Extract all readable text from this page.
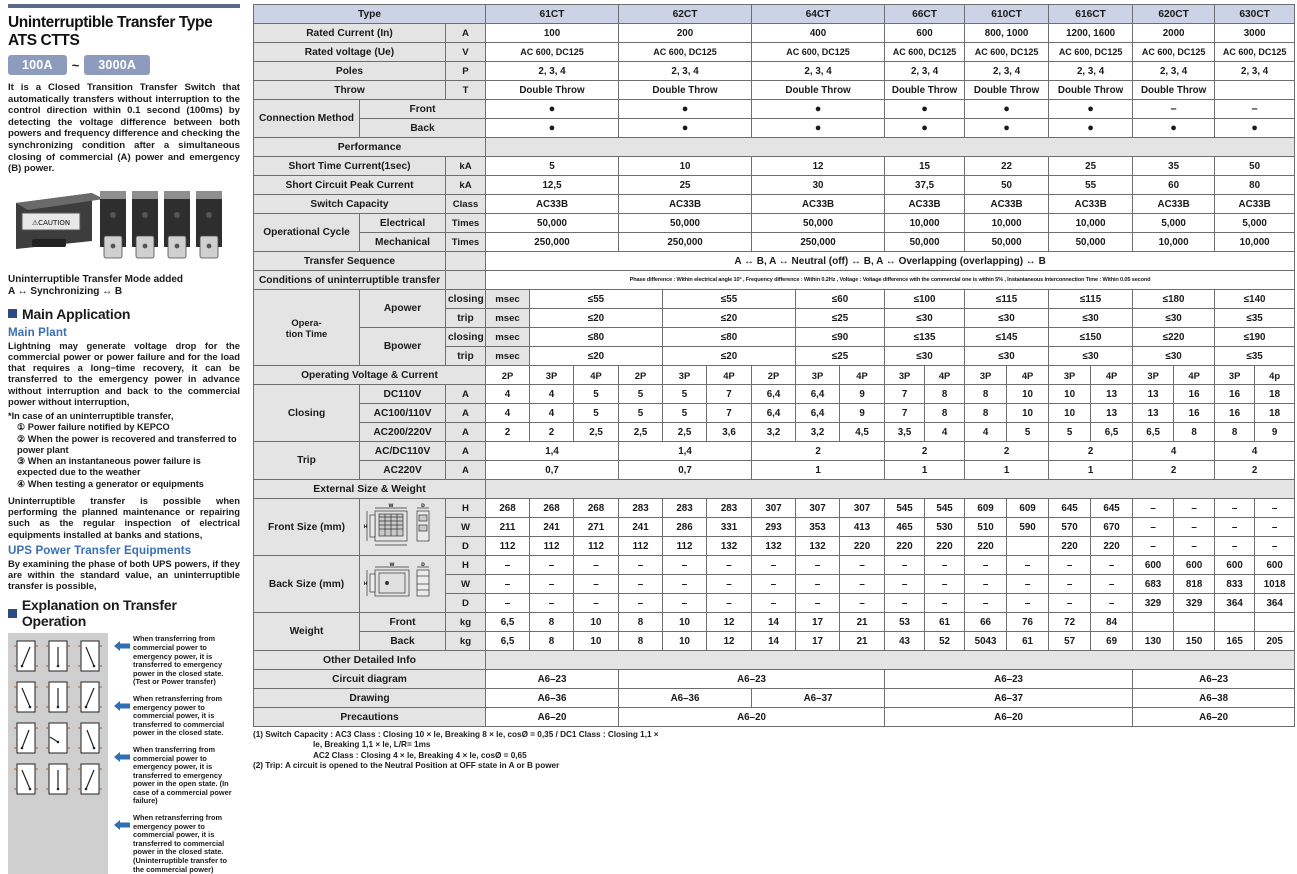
Uninterruptible Transfer Type ATS CTTS
100A	~	3000A
It is a Closed Transition Transfer Switch that automatically transfers without interruption to the control direction within 0.1 second (100ms) by detecting the voltage difference between both powers and frequency difference and checking the synchronizing condition after a simultaneous closing of commercial (A) power and emergency (B) power.
⚠CAUTION
Uninterruptible Transfer Mode added
A ↔ Synchronizing ↔ B
Main Application
Main Plant
Lightning may generate voltage drop for the commercial power or power failure and for the load that requires a long−time recovery, it can be transferred to the emergency power in advance without interruption and back to the commercial power without interruption,
*In case of an uninterruptible transfer,
① Power failure notified by KEPCO
② When the power is recovered and transferred to power plant
③ When an instantaneous power failure is expected due to the weather
④ When testing a generator or equipments
Uninterruptible transfer is possible when performing the planned maintenance or repairing such as the regular inspection of electrical equipments installed at banks and stations,
UPS Power Transfer Equipments
By examining the phase of both UPS powers, if they are within the standard value, an uninterruptible transfer is possible,
Explanation on Transfer Operation
When transferring from commercial power to emergency power, it is transferred to emergency power in the closed state. (Test or Power transfer)
When retransferring from emergency power to commercial power, it is transferred to commercial power in the closed state.
When transferring from commercial power to emergency power, it is transferred to emergency power in the open state. (In case of a commercial power failure)
When retransferring from emergency power to commercial power, it is transferred to commercial power in the closed state. (Uninterruptible transfer to the commercial power)
Type			61CT			62CT			64CT			66CT		610CT		616CT		620CT		630CT	
Rated Current (In)		A	100			200			400			600		800, 1000		1200, 1600		2000		3000	
Rated voltage (Ue)		V	AC 600, DC125			AC 600, DC125			AC 600, DC125			AC 600, DC125		AC 600, DC125		AC 600, DC125		AC 600, DC125		AC 600, DC125	
Poles		P	2, 3, 4			2, 3, 4			2, 3, 4			2, 3, 4		2, 3, 4		2, 3, 4		2, 3, 4		2, 3, 4	
Throw		T	Double Throw			Double Throw			Double Throw			Double Throw		Double Throw		Double Throw		Double Throw			
Connection Method	Front		●			●			●			●		●		●		–		–	
	Back		●			●			●			●		●		●		●		●	
Performance																					
Short Time Current(1sec)		kA	5			10			12			15		22		25		35		50	
Short Circuit Peak Current		kA	12,5			25			30			37,5		50		55		60		80	
Switch Capacity		Class	AC33B			AC33B			AC33B			AC33B		AC33B		AC33B		AC33B		AC33B	
Operational Cycle	Electrical	Times	50,000			50,000			50,000			10,000		10,000		10,000		5,000		5,000	
	Mechanical	Times	250,000			250,000			250,000			50,000		50,000		50,000		10,000		10,000	
Transfer Sequence			A ↔ B, A ↔ Neutral (off) ↔ B, A ↔ Overlapping (overlapping) ↔ B																		
Conditions of uninterruptible transfer			Phase difference : Within electrical angle 10° , Frequency difference : Within 0.2Hz , Voltage : Voltage difference with the commercial one is within 5% , Instantaneous Interconnection Time : Within 0.05 second																		
Opera-
tion Time	Apower	closing	msec	≤55			≤55			≤60		≤100		≤115		≤115		≤180		≤140	
		trip	msec	≤20			≤20			≤25		≤30		≤30		≤30		≤30		≤35	
	Bpower	closing	msec	≤80			≤80			≤90		≤135		≤145		≤150		≤220		≤190	
		trip	msec	≤20			≤20			≤25		≤30		≤30		≤30		≤30		≤35	
Operating Voltage & Current			2P	3P	4P	2P	3P	4P	2P	3P	4P	3P	4P	3P	4P	3P	4P	3P	4P	3P	4p
Closing	DC110V	A	4	4	5	5	5	7	6,4	6,4	9	7	8	8	10	10	13	13	16	16	18
	AC100/110V	A	4	4	5	5	5	7	6,4	6,4	9	7	8	8	10	10	13	13	16	16	18
	AC200/220V	A	2	2	2,5	2,5	2,5	3,6	3,2	3,2	4,5	3,5	4	4	5	5	6,5	6,5	8	8	9
Trip	AC/DC110V	A	1,4			1,4			2			2		2		2		4		4	
	AC220V	A	0,7			0,7			1			1		1		1		2		2	
External Size & Weight																					
Front Size (mm)	W
H
D	H	268	268	268	283	283	283	307	307	307	545	545	609	609	645	645	–	–	–	–
		W	211	241	271	241	286	331	293	353	413	465	530	510	590	570	670	–	–	–	–
		D	112	112	112	112	112	132	132	132	220	220	220	220		220	220	–	–	–	–
Back Size (mm)	W
H
D	H	–	–	–	–	–	–	–	–	–	–	–	–	–	–	–	600	600	600	600
		W	–	–	–	–	–	–	–	–	–	–	–	–	–	–	–	683	818	833	1018
		D	–	–	–	–	–	–	–	–	–	–	–	–	–	–	–	329	329	364	364
Weight	Front	kg	6,5	8	10	8	10	12	14	17	21	53	61	66	76	72	84				
	Back	kg	6,5	8	10	8	10	12	14	17	21	43	52	5043	61	57	69	130	150	165	205
Other Detailed Info																					
Circuit diagram			A6–23			A6–23						A6–23						A6–23			
Drawing			A6–36			A6–36			A6–37			A6–37						A6–38			
Precautions			A6–20			A6–20						A6–20						A6–20			
(1) Switch Capacity : AC3 Class : Closing 10 × le, Breaking 8 × le, cosØ = 0,35 / DC1 Class : Closing 1,1 ×
le, Breaking 1,1 × le, L/R= 1ms
AC2 Class : Closing 4 × le, Breaking 4 × le, cosØ = 0,65
(2) Trip: A circuit is opened to the Neutral Position at OFF state in A or B power
